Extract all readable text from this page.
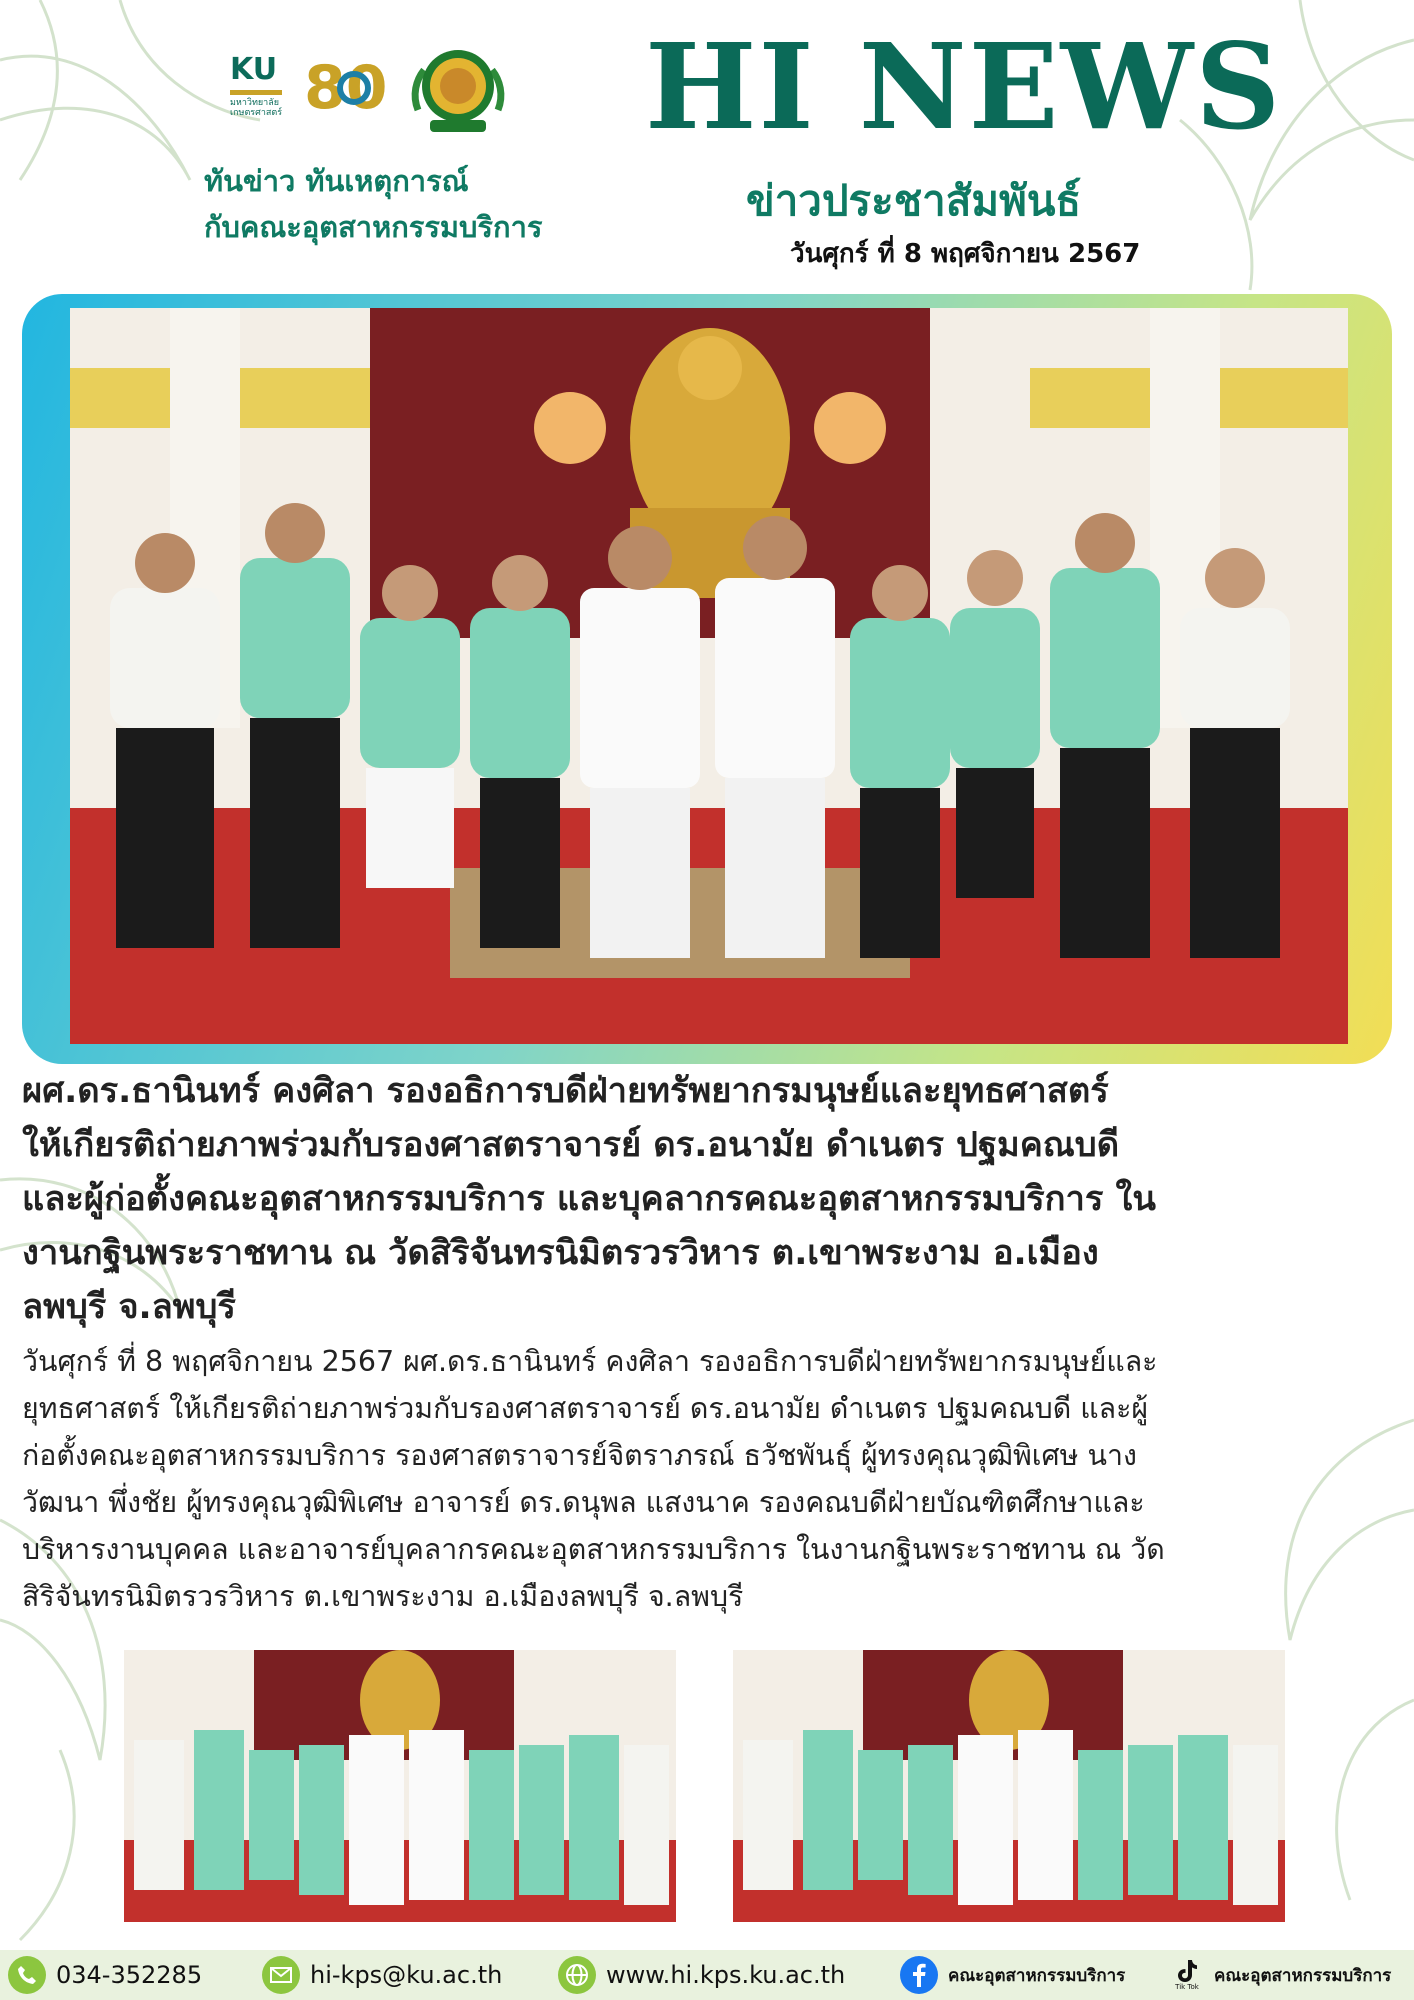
KU
มหาวิทยาลัยเกษตรศาสตร์ 80
ทันข่าว ทันเหตุการณ์
กับคณะอุตสาหกรรมบริการ
HI NEWS
ข่าวประชาสัมพันธ์
วันศุกร์ ที่ 8 พฤศจิกายน 2567
ผศ.ดร.ธานินทร์ คงศิลา รองอธิการบดีฝ่ายทรัพยากรมนุษย์และยุทธศาสตร์
ให้เกียรติถ่ายภาพร่วมกับรองศาสตราจารย์ ดร.อนามัย ดำเนตร ปฐมคณบดี
และผู้ก่อตั้งคณะอุตสาหกรรมบริการ และบุคลากรคณะอุตสาหกรรมบริการ ใน
งานกฐินพระราชทาน ณ วัดสิริจันทรนิมิตรวรวิหาร ต.เขาพระงาม อ.เมือง
ลพบุรี จ.ลพบุรี
วันศุกร์ ที่ 8 พฤศจิกายน 2567 ผศ.ดร.ธานินทร์ คงศิลา รองอธิการบดีฝ่ายทรัพยากรมนุษย์และ
ยุทธศาสตร์ ให้เกียรติถ่ายภาพร่วมกับรองศาสตราจารย์ ดร.อนามัย ดำเนตร ปฐมคณบดี และผู้
ก่อตั้งคณะอุตสาหกรรมบริการ รองศาสตราจารย์จิตราภรณ์ ธวัชพันธุ์ ผู้ทรงคุณวุฒิพิเศษ นาง
วัฒนา พึ่งชัย ผู้ทรงคุณวุฒิพิเศษ อาจารย์ ดร.ดนุพล แสงนาค รองคณบดีฝ่ายบัณฑิตศึกษาและ
บริหารงานบุคคล และอาจารย์บุคลากรคณะอุตสาหกรรมบริการ ในงานกฐินพระราชทาน ณ วัด
สิริจันทรนิมิตรวรวิหาร ต.เขาพระงาม อ.เมืองลพบุรี จ.ลพบุรี
034-352285	hi-kps@ku.ac.th	www.hi.kps.ku.ac.th	คณะอุตสาหกรรมบริการ
Tik Tok
คณะอุตสาหกรรมบริการ
